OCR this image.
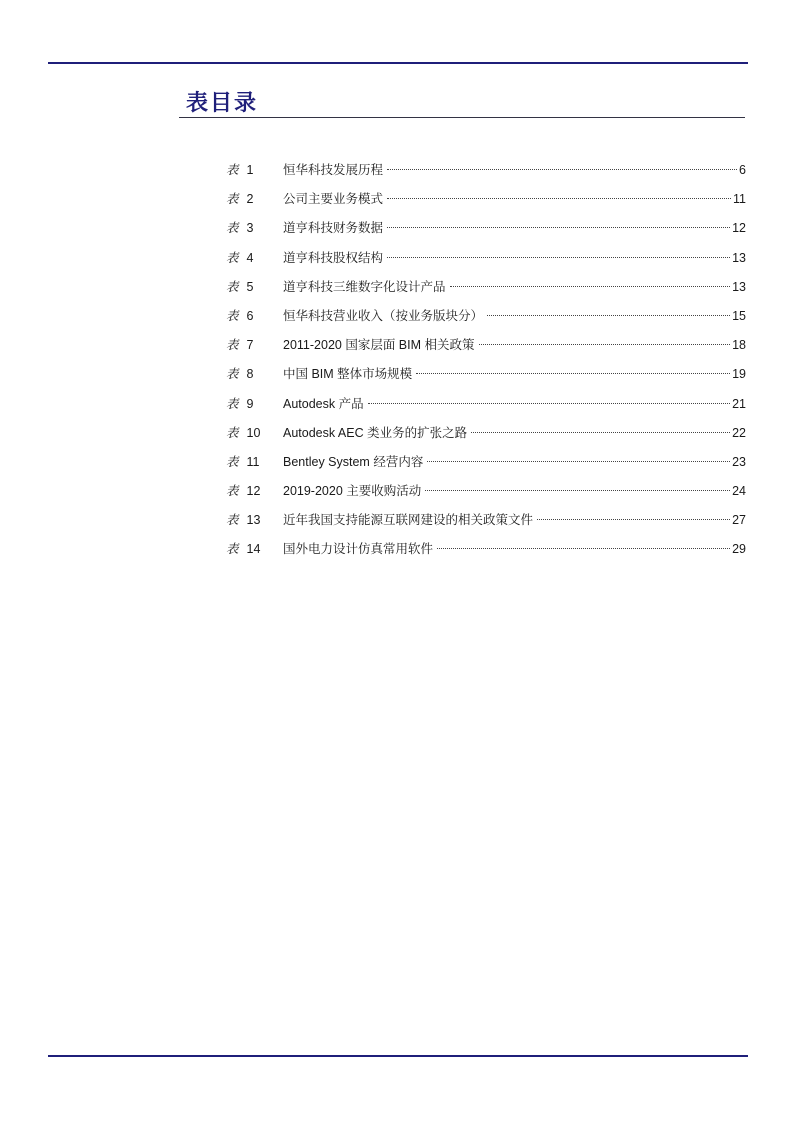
表目录
表 1	恒华科技发展历程	6
表 2	公司主要业务模式	11
表 3	道亨科技财务数据	12
表 4	道亨科技股权结构	13
表 5	道亨科技三维数字化设计产品	13
表 6	恒华科技营业收入（按业务版块分）	15
表 7	2011-2020 国家层面 BIM 相关政策	18
表 8	中国 BIM 整体市场规模	19
表 9	Autodesk 产品	21
表 10	Autodesk AEC 类业务的扩张之路	22
表 11	Bentley System 经营内容	23
表 12	2019-2020 主要收购活动	24
表 13	近年我国支持能源互联网建设的相关政策文件	27
表 14	国外电力设计仿真常用软件	29
